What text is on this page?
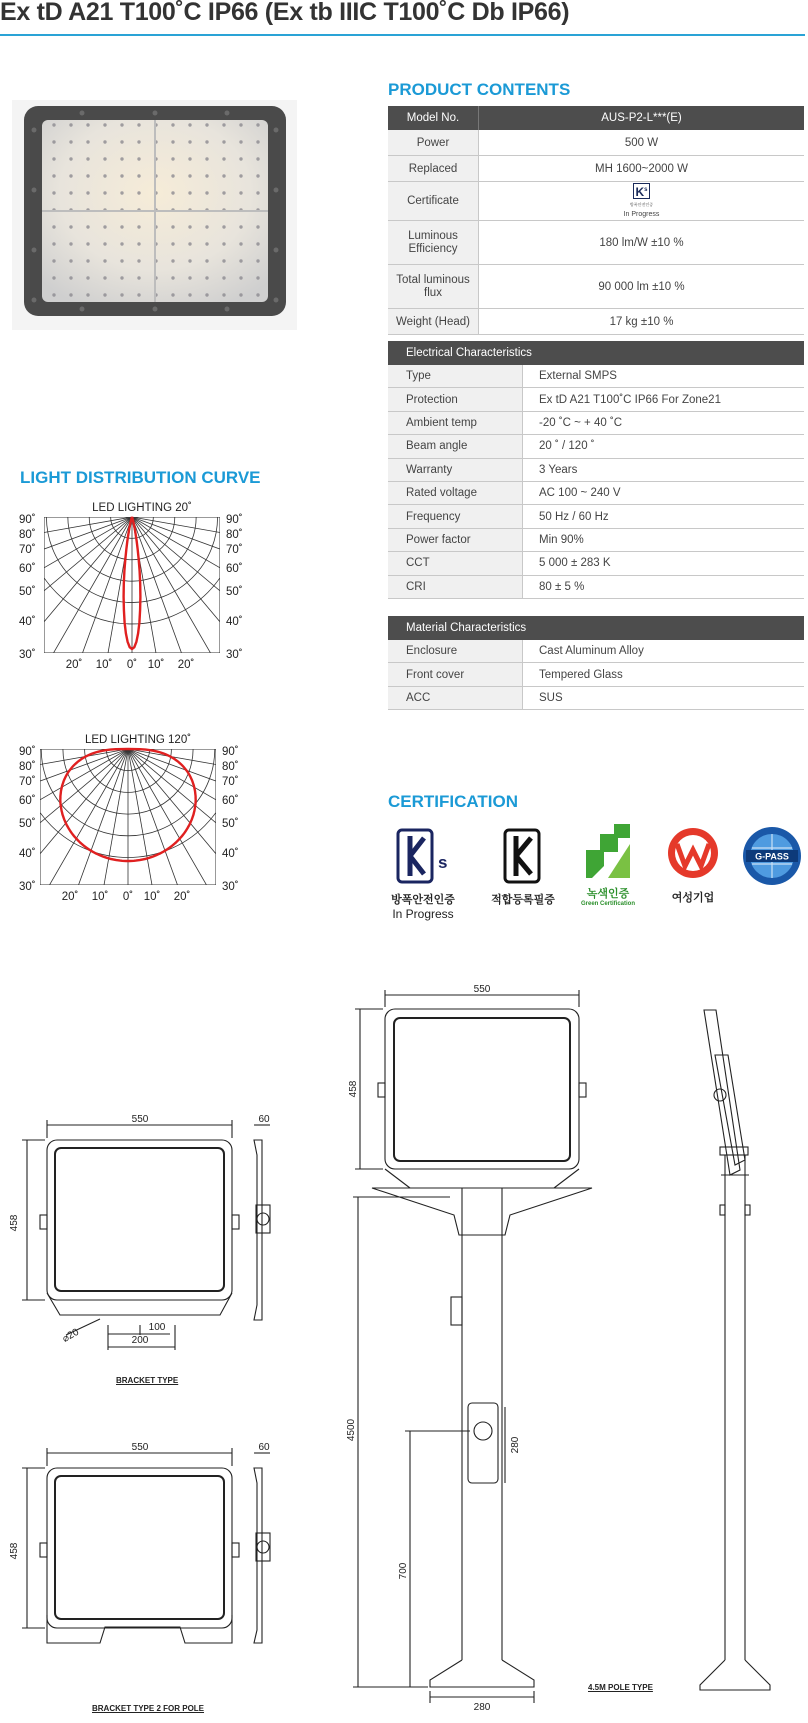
Ex tD A21 T100˚C IP66 (Ex tb IIIC T100˚C Db IP66)
PRODUCT CONTENTS
Model No.	AUS-P2-L***(E)
Power	500 W
Replaced	MH 1600~2000 W
Certificate	$K^s$
방폭안전인증
In Progress

Luminous Efficiency	180 lm/W ±10 %
Total luminous flux	90 000 lm ±10 %
Weight (Head)	17 kg ±10 %
Electrical Characteristics	
Type	External SMPS
Protection	Ex tD A21 T100˚C IP66 For Zone21
Ambient temp	-20 ˚C ~ + 40 ˚C
Beam angle	20 ˚ / 120 ˚
Warranty	3 Years
Rated voltage	AC 100 ~ 240 V
Frequency	50 Hz / 60 Hz
Power factor	Min 90%
CCT	5 000 ± 283 K
CRI	80 ± 5 %
Material Characteristics	
Enclosure	Cast Aluminum Alloy
Front cover	Tempered Glass
ACC	SUS
LIGHT DISTRIBUTION CURVE
LED LIGHTING 20˚
90˚	90˚
80˚	80˚
70˚	70˚
60˚	60˚
50˚	50˚
40˚	40˚
30˚	30˚
20˚ 10˚ 0˚ 10˚ 20˚
LED LIGHTING 120˚
90˚	90˚
80˚	80˚
70˚	70˚
60˚	60˚
50˚	50˚
40˚	40˚
30˚	30˚
20˚ 10˚ 0˚ 10˚ 20˚
CERTIFICATION
s
방폭안전인증
In Progress
적합등록필증	녹색인증
Green Certification	여성기업
G-PASS
550	60
458
100
200
⌀20
550	60
458
550
458
4500
280
700
280
BRACKET TYPE
BRACKET TYPE 2 FOR POLE
4.5M POLE TYPE
